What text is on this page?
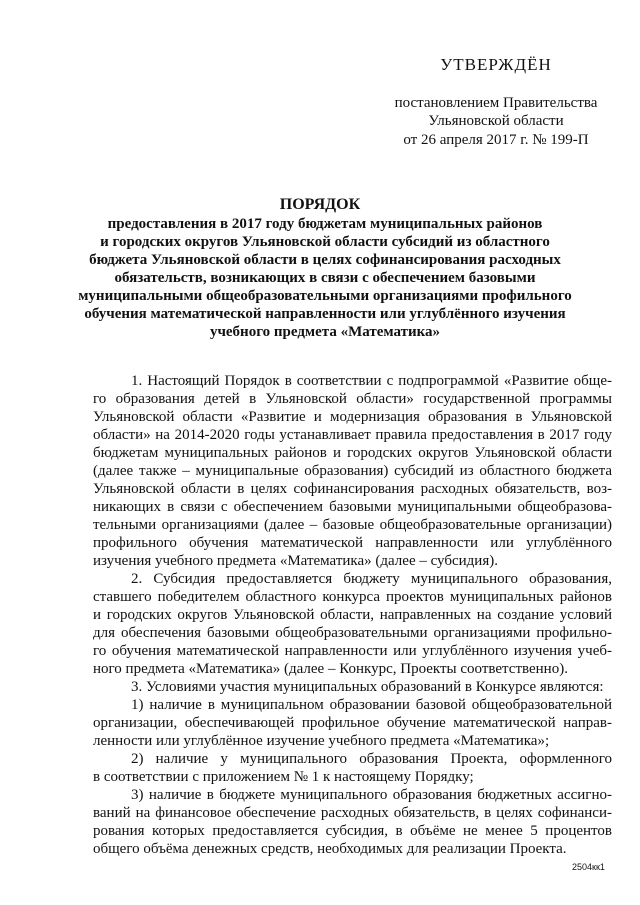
УТВЕРЖДЁН
постановлением Правительства
Ульяновской области
от 26 апреля 2017 г. № 199-П
ПОРЯДОК
предоставления в 2017 году бюджетам муниципальных районов
и городских округов Ульяновской области субсидий из областного
бюджета Ульяновской области в целях софинансирования расходных
обязательств, возникающих в связи с обеспечением базовыми
муниципальными общеобразовательными организациями профильного
обучения математической направленности или углублённого изучения
учебного предмета «Математика»
1. Настоящий Порядок в соответствии с подпрограммой «Развитие обще-
го образования детей в Ульяновской области» государственной программы
Ульяновской области «Развитие и модернизация образования в Ульяновской
области» на 2014-2020 годы устанавливает правила предоставления в 2017 году
бюджетам муниципальных районов и городских округов Ульяновской области
(далее также – муниципальные образования) субсидий из областного бюджета
Ульяновской области в целях софинансирования расходных обязательств, воз-
никающих в связи с обеспечением базовыми муниципальными общеобразова-
тельными организациями (далее – базовые общеобразовательные организации)
профильного обучения математической направленности или углублённого
изучения учебного предмета «Математика» (далее – субсидия).
2. Субсидия предоставляется бюджету муниципального образования,
ставшего победителем областного конкурса проектов муниципальных районов
и городских округов Ульяновской области, направленных на создание условий
для обеспечения базовыми общеобразовательными организациями профильно-
го обучения математической направленности или углублённого изучения учеб-
ного предмета «Математика» (далее – Конкурс, Проекты соответственно).
3. Условиями участия муниципальных образований в Конкурсе являются:
1) наличие в муниципальном образовании базовой общеобразовательной
организации, обеспечивающей профильное обучение математической направ-
ленности или углублённое изучение учебного предмета «Математика»;
2) наличие у муниципального образования Проекта, оформленного
в соответствии с приложением № 1 к настоящему Порядку;
3) наличие в бюджете муниципального образования бюджетных ассигно-
ваний на финансовое обеспечение расходных обязательств, в целях софинанси-
рования которых предоставляется субсидия, в объёме не менее 5 процентов
общего объёма денежных средств, необходимых для реализации Проекта.
2504кк1
